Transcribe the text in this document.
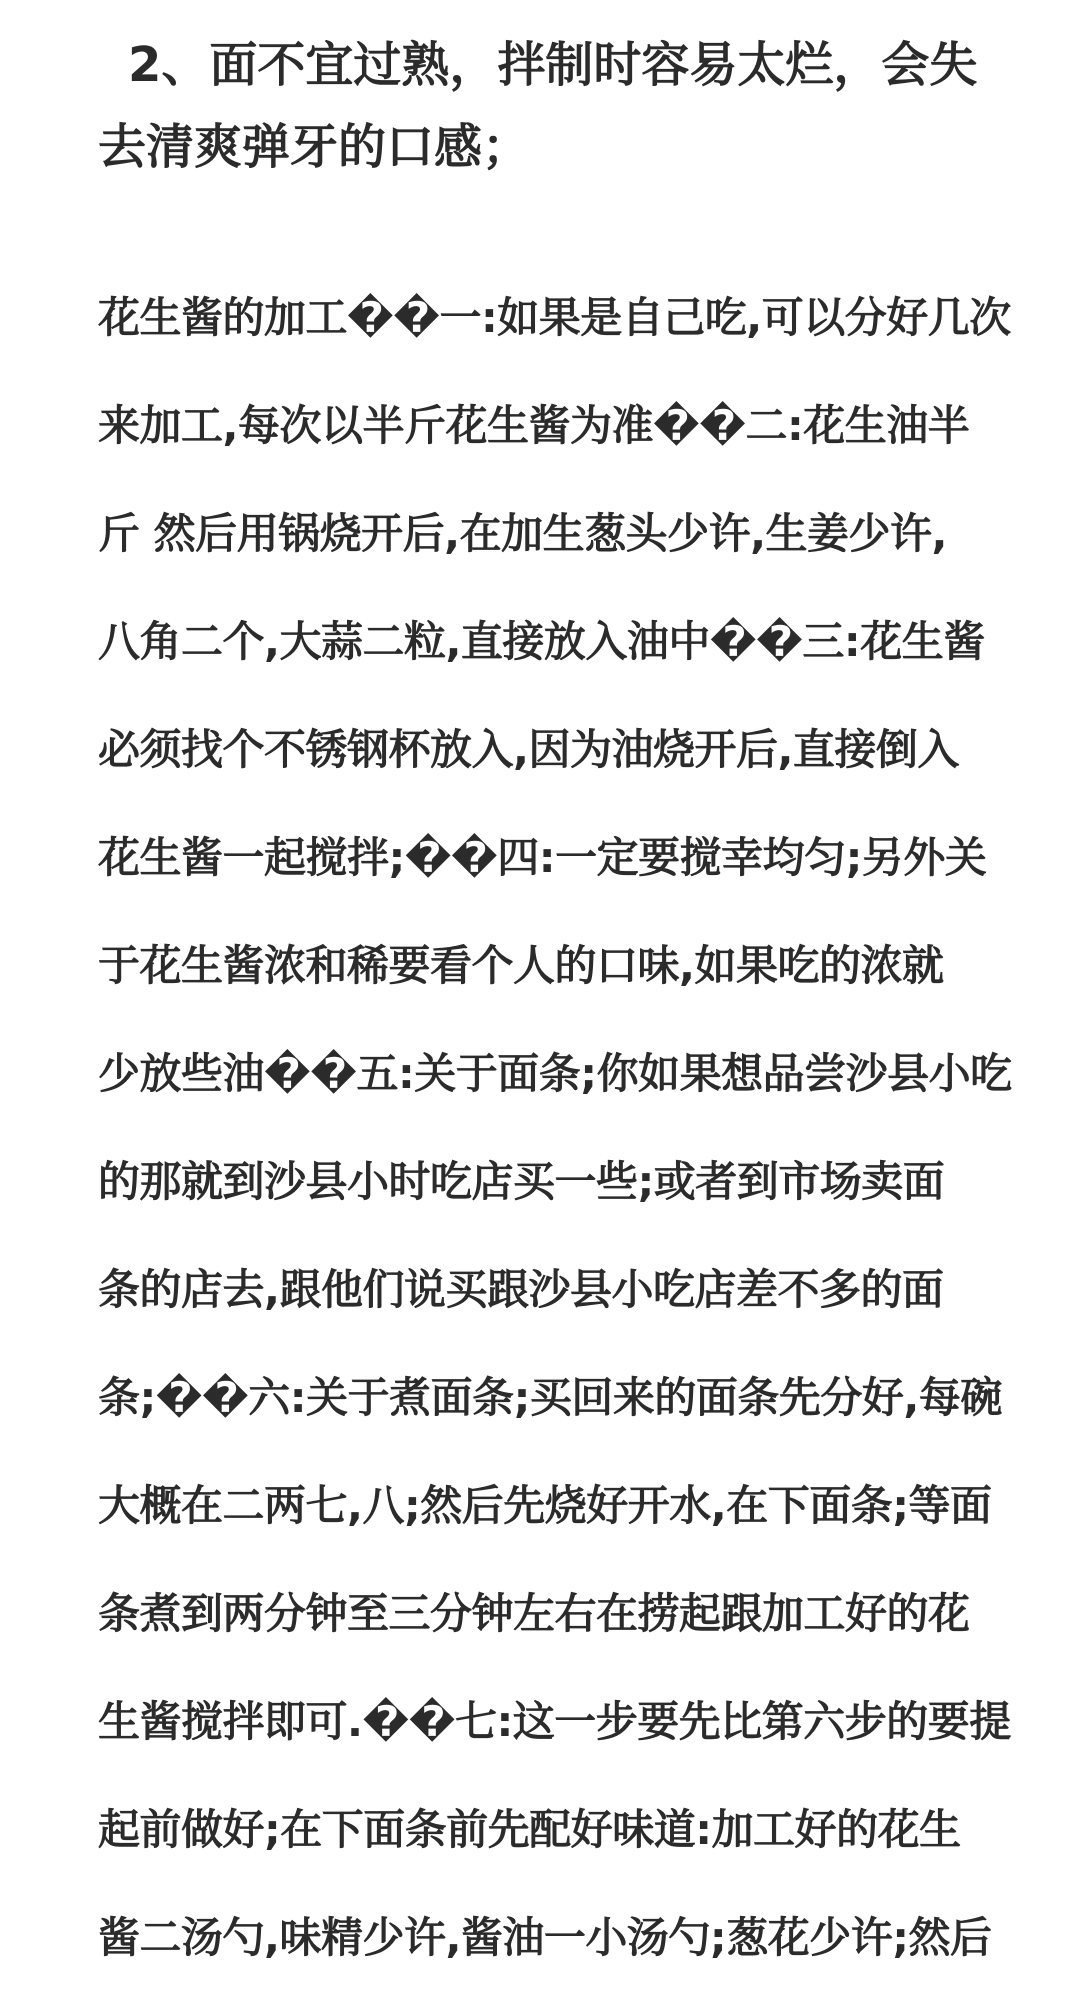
2、面不宜过熟，拌制时容易太烂，会失去清爽弹牙的口感；

花生酱的加工��一:如果是自己吃,可以分好几次

来加工,每次以半斤花生酱为准��二:花生油半

斤 然后用锅烧开后,在加生葱头少许,生姜少许,

八角二个,大蒜二粒,直接放入油中��三:花生酱

必须找个不锈钢杯放入,因为油烧开后,直接倒入

花生酱一起搅拌;��四:一定要搅幸均匀;另外关

于花生酱浓和稀要看个人的口味,如果吃的浓就

少放些油��五:关于面条;你如果想品尝沙县小吃

的那就到沙县小时吃店买一些;或者到市场卖面

条的店去,跟他们说买跟沙县小吃店差不多的面

条;��六:关于煮面条;买回来的面条先分好,每碗

大概在二两七,八;然后先烧好开水,在下面条;等面

条煮到两分钟至三分钟左右在捞起跟加工好的花

生酱搅拌即可.��七:这一步要先比第六步的要提

起前做好;在下面条前先配好味道:加工好的花生

酱二汤勺,味精少许,酱油一小汤勺;葱花少许;然后
